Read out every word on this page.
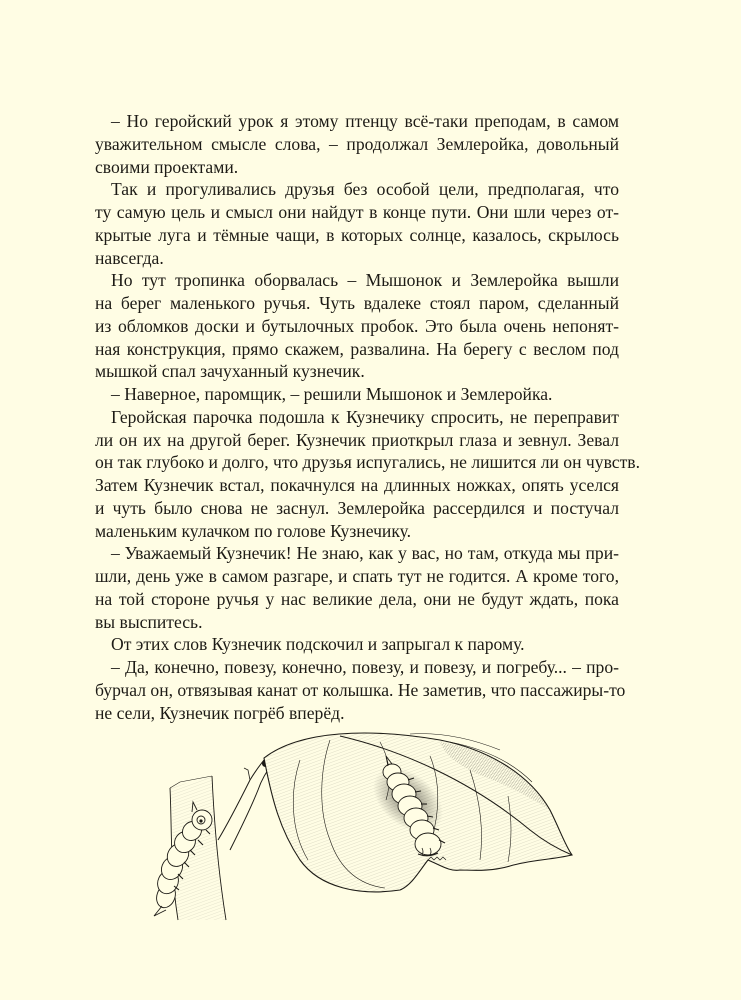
– Но геройский урок я этому птенцу всё-таки преподам, в самом
уважительном смысле слова, – продолжал Землеройка, довольный
своими проектами.
Так и прогуливались друзья без особой цели, предполагая, что
ту самую цель и смысл они найдут в конце пути. Они шли через от-
крытые луга и тёмные чащи, в которых солнце, казалось, скрылось
навсегда.
Но тут тропинка оборвалась – Мышонок и Землеройка вышли
на берег маленького ручья. Чуть вдалеке стоял паром, сделанный
из обломков доски и бутылочных пробок. Это была очень непонят-
ная конструкция, прямо скажем, развалина. На берегу с веслом под
мышкой спал зачуханный кузнечик.
– Наверное, паромщик, – решили Мышонок и Землеройка.
Геройская парочка подошла к Кузнечику спросить, не переправит
ли он их на другой берег. Кузнечик приоткрыл глаза и зевнул. Зевал
он так глубоко и долго, что друзья испугались, не лишится ли он чувств.
Затем Кузнечик встал, покачнулся на длинных ножках, опять уселся
и чуть было снова не заснул. Землеройка рассердился и постучал
маленьким кулачком по голове Кузнечику.
– Уважаемый Кузнечик! Не знаю, как у вас, но там, откуда мы при-
шли, день уже в самом разгаре, и спать тут не годится. А кроме того,
на той стороне ручья у нас великие дела, они не будут ждать, пока
вы выспитесь.
От этих слов Кузнечик подскочил и запрыгал к парому.
– Да, конечно, повезу, конечно, повезу, и повезу, и погребу... – про-
бурчал он, отвязывая канат от колышка. Не заметив, что пассажиры-то
не сели, Кузнечик погрёб вперёд.
